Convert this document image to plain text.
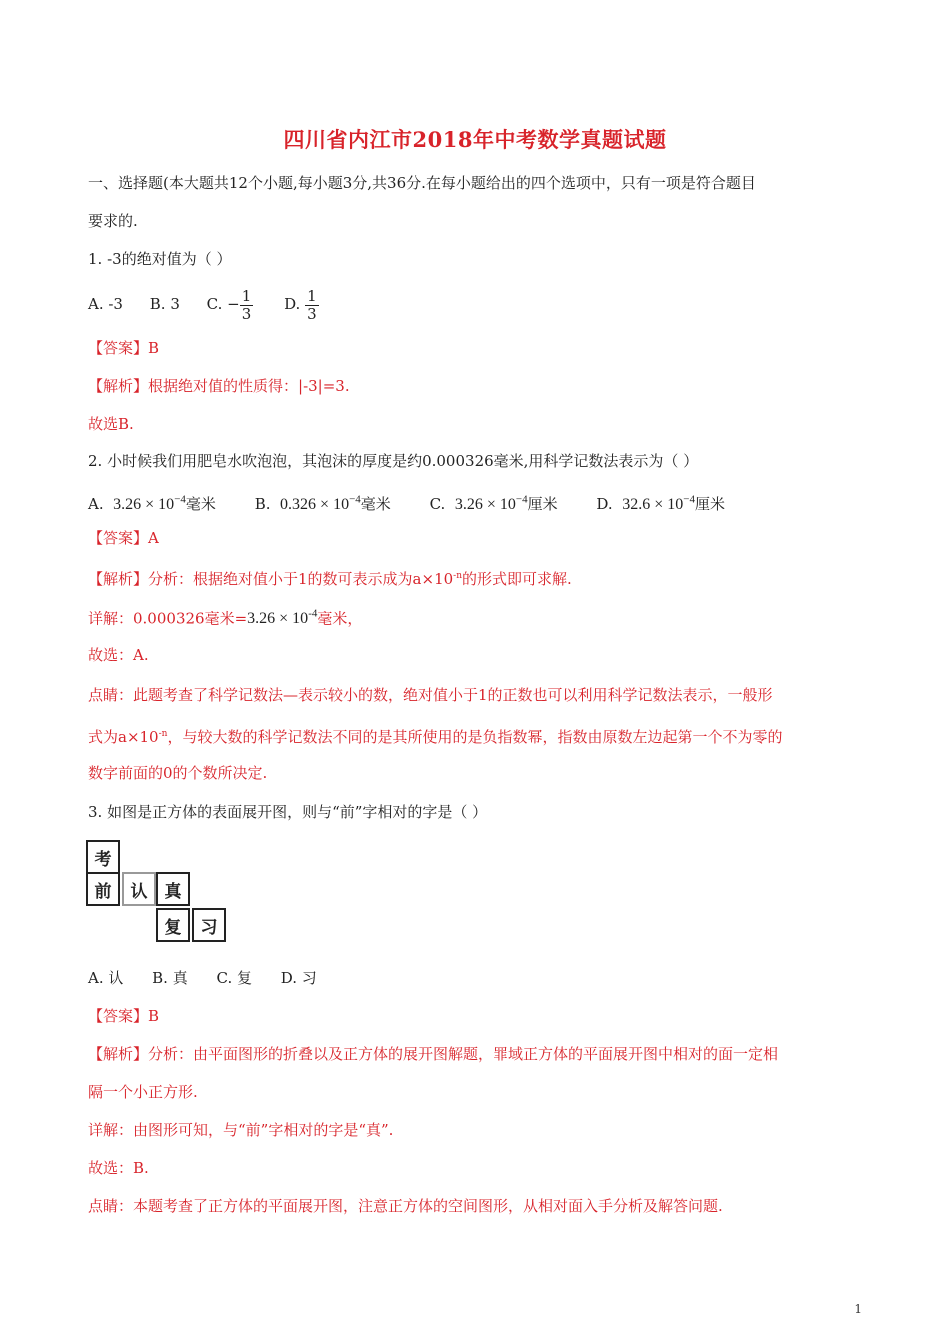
四川省内江市2018年中考数学真题试题
一、选择题(本大题共12个小题,每小题3分,共36分.在每小题给出的四个选项中，只有一项是符合题目
要求的.
1. -3的绝对值为（ ）
A. -3 B. 3 C. − $\frac{1}{3} D$. $\frac{1}{3}$
【答案】B
【解析】根据绝对值的性质得：|-3|=3.
故选B.
2. 小时候我们用肥皂水吹泡泡，其泡沫的厚度是约0.000326毫米,用科学记数法表示为（ ）
A. $3.26 \times 10^{-4}$毫米	B. $0.326 \times 10^{-4}$毫米	C. $3.26 \times 10^{-4}$厘米	D. $32.6 \times 10^{-4}$厘米
【答案】A
【解析】分析：根据绝对值小于1的数可表示成为$a\times 10^{-n}$的形式即可求解.
详解：0.000326毫米$=3.26 \times 10^{-4}$毫米，
故选：A.
点睛：此题考查了科学记数法—表示较小的数，绝对值小于1的正数也可以利用科学记数法表示，一般形
式为$a\times 10^{-n}$，与较大数的科学记数法不同的是其所使用的是负指数幂，指数由原数左边起第一个不为零的
数字前面的0的个数所决定.
3. 如图是正方体的表面展开图，则与“前”字相对的字是（ ）
考
前	认	真
复	习
A. 认 B. 真 C. 复 D. 习
【答案】B
【解析】分析：由平面图形的折叠以及正方体的展开图解题，罪域正方体的平面展开图中相对的面一定相
隔一个小正方形.
详解：由图形可知，与“前”字相对的字是“真”.
故选：B.
点睛：本题考查了正方体的平面展开图，注意正方体的空间图形，从相对面入手分析及解答问题.
1
